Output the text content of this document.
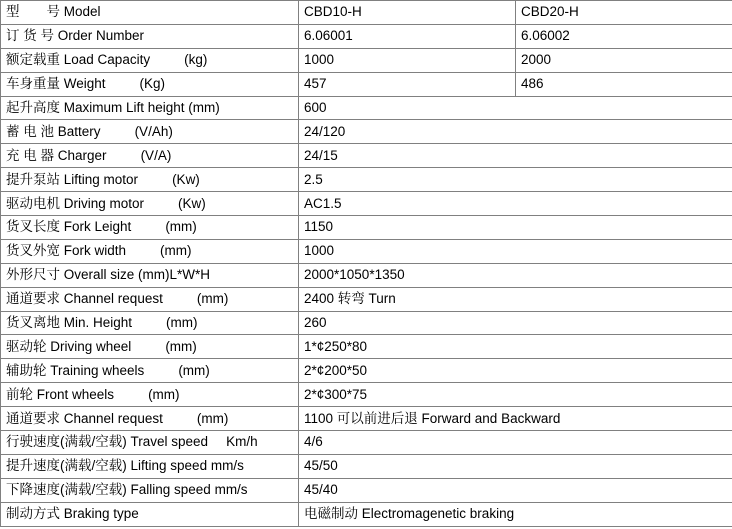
型　　号 Model	CBD10-H	CBD20-H
订 货 号 Order Number	6.06001	6.06002
额定载重 Load Capacity (kg)	1000	2000
车身重量 Weight (Kg)	457	486
起升高度 Maximum Lift height (mm)	600	
蓄 电 池 Battery (V/Ah)	24/120	
充 电 器 Charger (V/A)	24/15	
提升泵站 Lifting motor (Kw)	2.5	
驱动电机 Driving motor (Kw)	AC1.5	
货叉长度 Fork Leight (mm)	1150	
货叉外宽 Fork width (mm)	1000	
外形尺寸 Overall size (mm)L*W*H	2000*1050*1350	
通道要求 Channel request (mm)	2400 转弯 Turn	
货叉离地 Min. Height (mm)	260	
驱动轮 Driving wheel (mm)	1*¢250*80	
辅助轮 Training wheels (mm)	2*¢200*50	
前轮 Front wheels (mm)	2*¢300*75	
通道要求 Channel request (mm)	1100 可以前进后退 Forward and Backward	
行驶速度(满载/空载) Travel speed Km/h	4/6	
提升速度(满载/空载) Lifting speed mm/s	45/50	
下降速度(满载/空载) Falling speed mm/s	45/40	
制动方式 Braking type	电磁制动 Electromagenetic braking	
